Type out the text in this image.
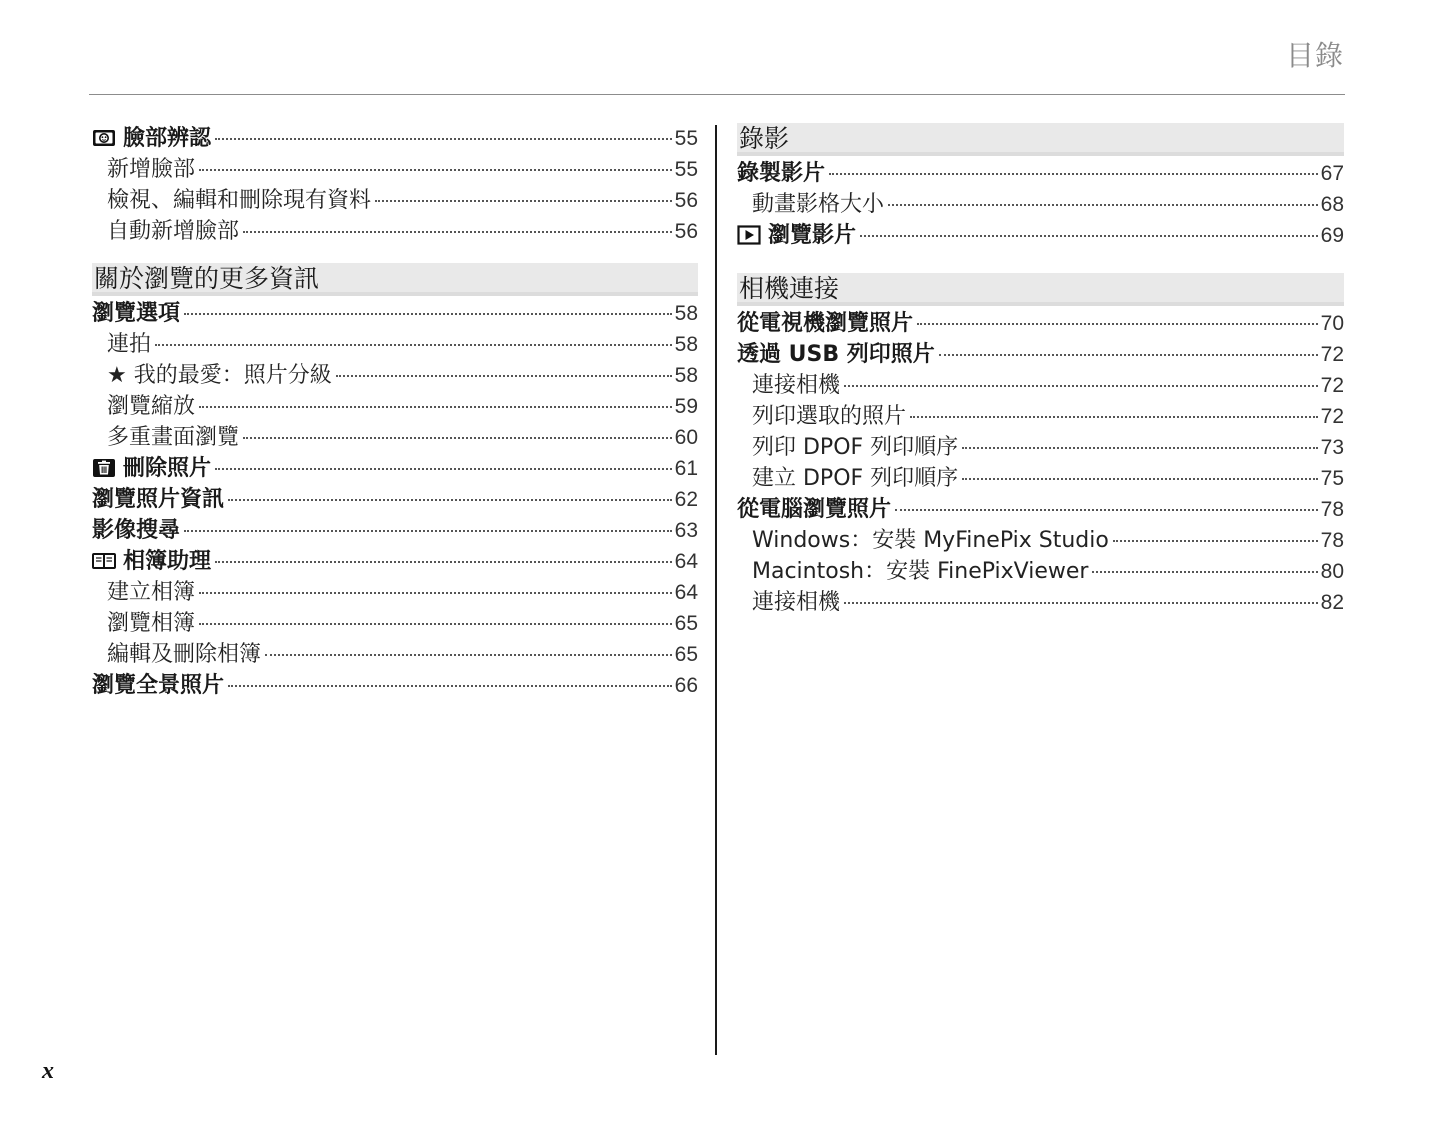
目錄
臉部辨認	55
新增臉部	55
檢視、編輯和刪除現有資料	56
自動新增臉部	56
關於瀏覽的更多資訊
瀏覽選項	58
連拍	58
★ 我的最愛：照片分級	58
瀏覽縮放	59
多重畫面瀏覽	60
刪除照片	61
瀏覽照片資訊	62
影像搜尋	63
相簿助理	64
建立相簿	64
瀏覽相簿	65
編輯及刪除相簿	65
瀏覽全景照片	66
錄影
錄製影片	67
動畫影格大小	68
瀏覽影片	69
相機連接
從電視機瀏覽照片	70
透過 USB 列印照片	72
連接相機	72
列印選取的照片	72
列印 DPOF 列印順序	73
建立 DPOF 列印順序	75
從電腦瀏覽照片	78
Windows：安裝 MyFinePix Studio	78
Macintosh：安裝 FinePixViewer	80
連接相機	82
x
